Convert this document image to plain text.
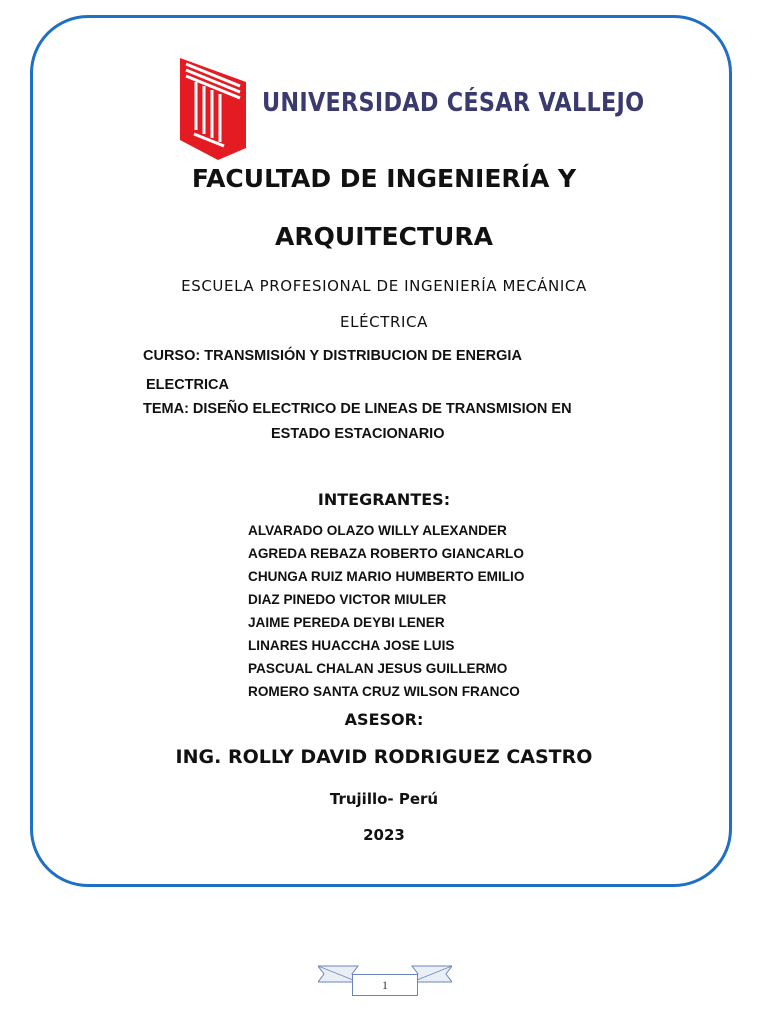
UNIVERSIDAD CÉSAR VALLEJO
FACULTAD DE INGENIERÍA Y
ARQUITECTURA
ESCUELA PROFESIONAL DE INGENIERÍA MECÁNICA
ELÉCTRICA
CURSO: TRANSMISIÓN Y DISTRIBUCION DE ENERGIA
ELECTRICA
TEMA: DISEÑO ELECTRICO DE LINEAS DE TRANSMISION EN
ESTADO ESTACIONARIO
INTEGRANTES:
ALVARADO OLAZO WILLY ALEXANDER
AGREDA REBAZA ROBERTO GIANCARLO
CHUNGA RUIZ MARIO HUMBERTO EMILIO
DIAZ PINEDO VICTOR MIULER
JAIME PEREDA DEYBI LENER
LINARES HUACCHA JOSE LUIS
PASCUAL CHALAN JESUS GUILLERMO
ROMERO SANTA CRUZ WILSON FRANCO
ASESOR:
ING. ROLLY DAVID RODRIGUEZ CASTRO
Trujillo- Perú
2023
1
